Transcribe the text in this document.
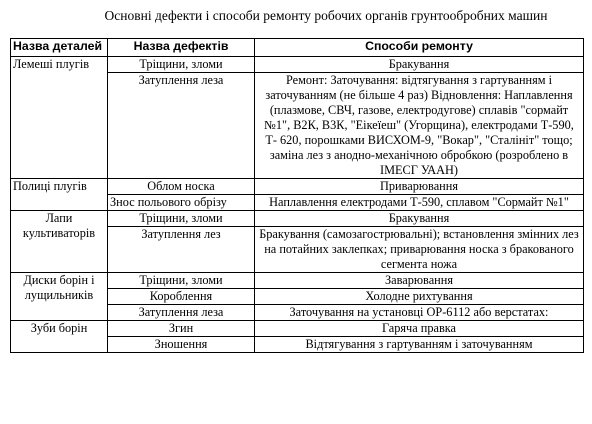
Основні дефекти і способи ремонту робочих органів грунтообробних машин
Назва деталей	Назва дефектів	Способи ремонту
Лемеші плугів	Тріщини, зломи	Бракування
	Затуплення леза	Ремонт: Заточування: відтягування з гартуванням і заточуванням (не більше 4 раз) Відновлення: Наплавлення (плазмове, СВЧ, газове, електродугове) сплавів "сормайт №1", В2К, В3К, "Еікеїеш" (Угорщина), електродами Т-590, Т- 620, порошками ВИСХОМ-9, "Вокар", "Сталініт" тощо; заміна лез з анодно-механічною обробкою (розроблено в ІМЕСГ УААН)
Полиці плугів	Облом носка	Приварювання
	Знос польового обрізу	Наплавлення електродами Т-590, сплавом "Сормайт №1"
Лапи культиваторів	Тріщини, зломи	Бракування
	Затуплення лез	Бракування (самозагострювальні); встановлення змінних лез на потайних заклепках; приварювання носка з бракованого сегмента ножа
Диски борін і лущильників	Тріщини, зломи	Заварювання
	Короблення	Холодне рихтування
	Затуплення леза	Заточування на установці ОР-6112 або верстатах:
Зуби борін	Згин	Гаряча правка
	Зношення	Відтягування з гартуванням і заточуванням
